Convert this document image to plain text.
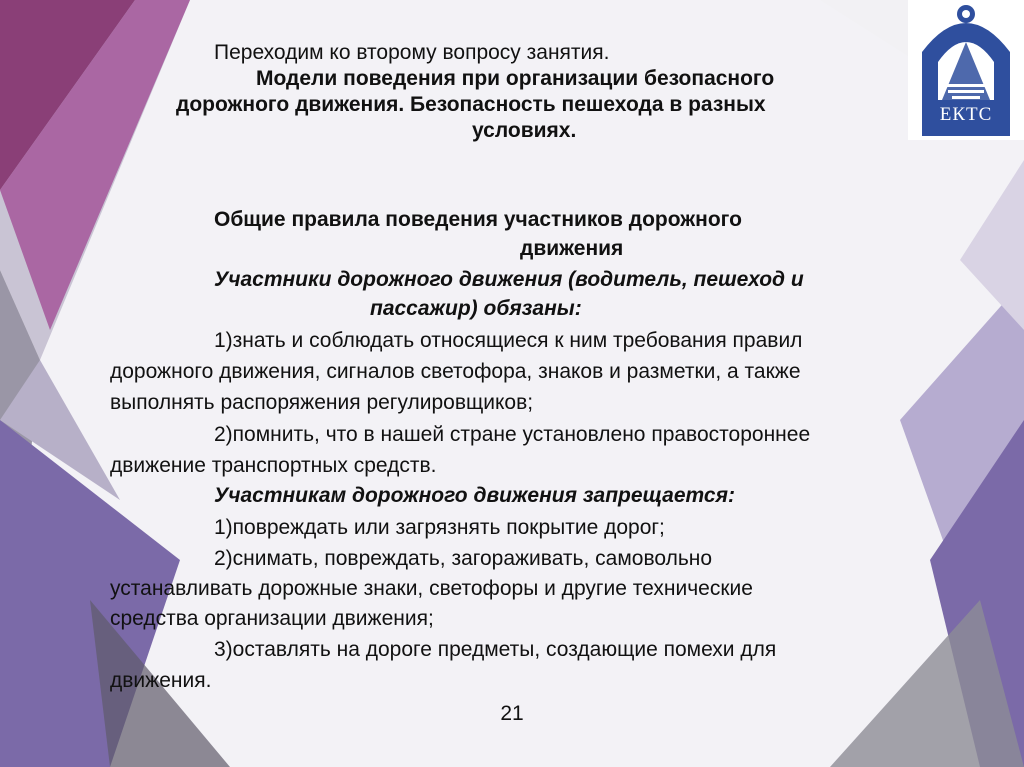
ЕКТС
Переходим ко второму вопросу занятия.
Модели поведения при организации безопасного
дорожного движения. Безопасность пешехода в разных
условиях.
Общие правила поведения участников дорожного
движения
Участники дорожного движения (водитель, пешеход и
пассажир) обязаны:
1)знать и соблюдать относящиеся к ним требования правил
дорожного движения, сигналов светофора, знаков и разметки, а также
выполнять распоряжения регулировщиков;
2)помнить, что в нашей стране установлено правостороннее
движение транспортных средств.
Участникам дорожного движения запрещается:
1)повреждать или загрязнять покрытие дорог;
2)снимать, повреждать, загораживать, самовольно
устанавливать дорожные знаки, светофоры и другие технические
средства организации движения;
3)оставлять на дороге предметы, создающие помехи для
движения.
21
